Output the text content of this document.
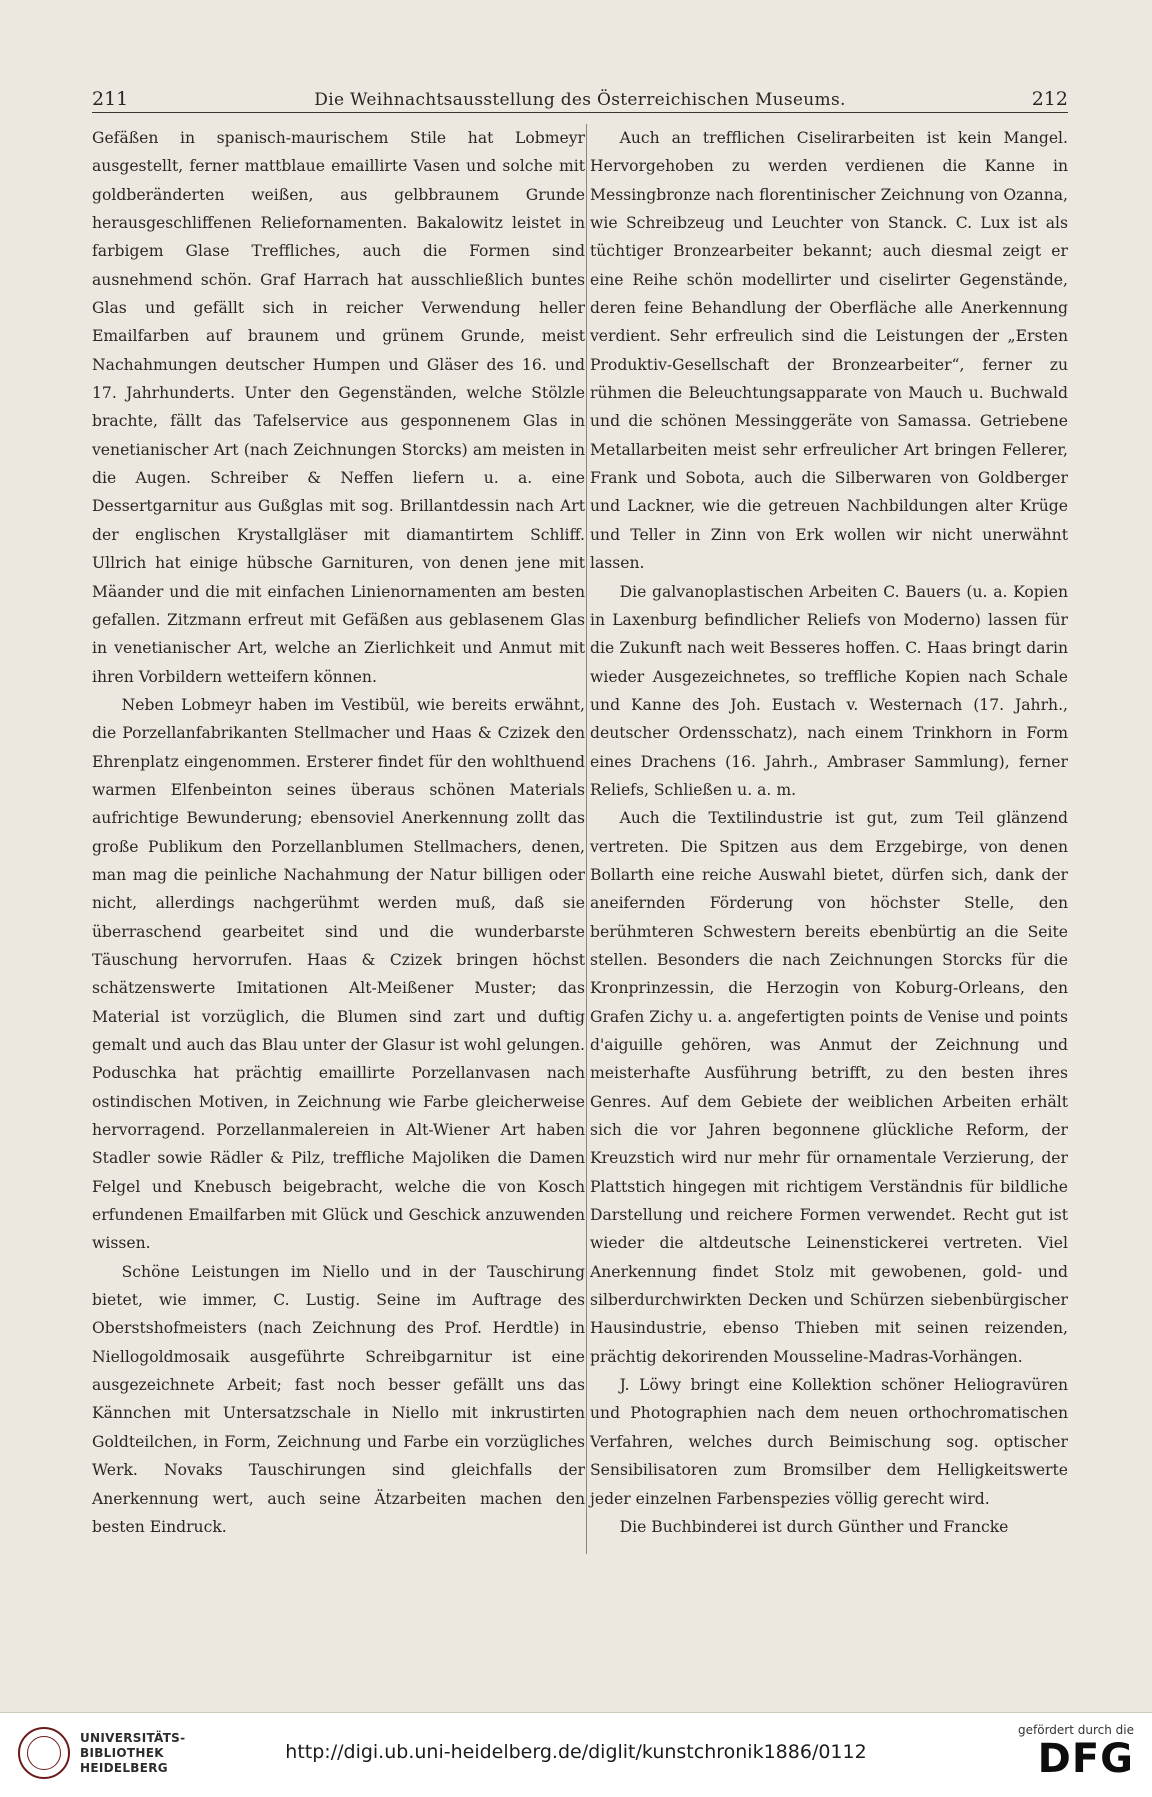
211	Die Weihnachtsausstellung des Österreichischen Museums.	212

Gefäßen in spanisch-maurischem Stile hat Lobmeyr ausgestellt, ferner mattblaue emaillirte Vasen und solche mit goldberänderten weißen, aus gelbbraunem Grunde herausgeschliffenen Reliefornamenten. Bakalowitz leistet in farbigem Glase Treffliches, auch die Formen sind ausnehmend schön. Graf Harrach hat ausschließlich buntes Glas und gefällt sich in reicher Verwendung heller Emailfarben auf braunem und grünem Grunde, meist Nachahmungen deutscher Humpen und Gläser des 16. und 17. Jahrhunderts. Unter den Gegenständen, welche Stölzle brachte, fällt das Tafelservice aus gesponnenem Glas in venetianischer Art (nach Zeichnungen Storcks) am meisten in die Augen. Schreiber & Neffen liefern u. a. eine Dessertgarnitur aus Gußglas mit sog. Brillantdessin nach Art der englischen Krystallgläser mit diamantirtem Schliff. Ullrich hat einige hübsche Garnituren, von denen jene mit Mäander und die mit einfachen Linienornamenten am besten gefallen. Zitzmann erfreut mit Gefäßen aus geblasenem Glas in venetianischer Art, welche an Zierlichkeit und Anmut mit ihren Vorbildern wetteifern können.

Neben Lobmeyr haben im Vestibül, wie bereits erwähnt, die Porzellanfabrikanten Stellmacher und Haas & Czizek den Ehrenplatz eingenommen. Ersterer findet für den wohlthuend warmen Elfenbeinton seines überaus schönen Materials aufrichtige Bewunderung; ebensoviel Anerkennung zollt das große Publikum den Porzellanblumen Stellmachers, denen, man mag die peinliche Nachahmung der Natur billigen oder nicht, allerdings nachgerühmt werden muß, daß sie überraschend gearbeitet sind und die wunderbarste Täuschung hervorrufen. Haas & Czizek bringen höchst schätzenswerte Imitationen Alt-Meißener Muster; das Material ist vorzüglich, die Blumen sind zart und duftig gemalt und auch das Blau unter der Glasur ist wohl gelungen. Poduschka hat prächtig emaillirte Porzellanvasen nach ostindischen Motiven, in Zeichnung wie Farbe gleicherweise hervorragend. Porzellanmalereien in Alt-Wiener Art haben Stadler sowie Rädler & Pilz, treffliche Majoliken die Damen Felgel und Knebusch beigebracht, welche die von Kosch erfundenen Emailfarben mit Glück und Geschick anzuwenden wissen.

Schöne Leistungen im Niello und in der Tauschirung bietet, wie immer, C. Lustig. Seine im Auftrage des Oberstshofmeisters (nach Zeichnung des Prof. Herdtle) in Niellogoldmosaik ausgeführte Schreibgarnitur ist eine ausgezeichnete Arbeit; fast noch besser gefällt uns das Kännchen mit Untersatzschale in Niello mit inkrustirten Goldteilchen, in Form, Zeichnung und Farbe ein vorzügliches Werk. Novaks Tauschirungen sind gleichfalls der Anerkennung wert, auch seine Ätzarbeiten machen den besten Eindruck.

Auch an trefflichen Ciselirarbeiten ist kein Mangel. Hervorgehoben zu werden verdienen die Kanne in Messingbronze nach florentinischer Zeichnung von Ozanna, wie Schreibzeug und Leuchter von Stanck. C. Lux ist als tüchtiger Bronzearbeiter bekannt; auch diesmal zeigt er eine Reihe schön modellirter und ciselirter Gegenstände, deren feine Behandlung der Oberfläche alle Anerkennung verdient. Sehr erfreulich sind die Leistungen der „Ersten Produktiv-Gesellschaft der Bronzearbeiter“, ferner zu rühmen die Beleuchtungsapparate von Mauch u. Buchwald und die schönen Messinggeräte von Samassa. Getriebene Metallarbeiten meist sehr erfreulicher Art bringen Fellerer, Frank und Sobota, auch die Silberwaren von Goldberger und Lackner, wie die getreuen Nachbildungen alter Krüge und Teller in Zinn von Erk wollen wir nicht unerwähnt lassen.

Die galvanoplastischen Arbeiten C. Bauers (u. a. Kopien in Laxenburg befindlicher Reliefs von Moderno) lassen für die Zukunft nach weit Besseres hoffen. C. Haas bringt darin wieder Ausgezeichnetes, so treffliche Kopien nach Schale und Kanne des Joh. Eustach v. Westernach (17. Jahrh., deutscher Ordensschatz), nach einem Trinkhorn in Form eines Drachens (16. Jahrh., Ambraser Sammlung), ferner Reliefs, Schließen u. a. m.

Auch die Textilindustrie ist gut, zum Teil glänzend vertreten. Die Spitzen aus dem Erzgebirge, von denen Bollarth eine reiche Auswahl bietet, dürfen sich, dank der aneifernden Förderung von höchster Stelle, den berühmteren Schwestern bereits ebenbürtig an die Seite stellen. Besonders die nach Zeichnungen Storcks für die Kronprinzessin, die Herzogin von Koburg-Orleans, den Grafen Zichy u. a. angefertigten points de Venise und points d'aiguille gehören, was Anmut der Zeichnung und meisterhafte Ausführung betrifft, zu den besten ihres Genres. Auf dem Gebiete der weiblichen Arbeiten erhält sich die vor Jahren begonnene glückliche Reform, der Kreuzstich wird nur mehr für ornamentale Verzierung, der Plattstich hingegen mit richtigem Verständnis für bildliche Darstellung und reichere Formen verwendet. Recht gut ist wieder die altdeutsche Leinenstickerei vertreten. Viel Anerkennung findet Stolz mit gewobenen, gold- und silberdurchwirkten Decken und Schürzen siebenbürgischer Hausindustrie, ebenso Thieben mit seinen reizenden, prächtig dekorirenden Mousseline-Madras-Vorhängen.

J. Löwy bringt eine Kollektion schöner Heliogravüren und Photographien nach dem neuen orthochromatischen Verfahren, welches durch Beimischung sog. optischer Sensibilisatoren zum Bromsilber dem Helligkeitswerte jeder einzelnen Farbenspezies völlig gerecht wird.

Die Buchbinderei ist durch Günther und Francke

UNIVERSITÄTS-
BIBLIOTHEK
HEIDELBERG
http://digi.ub.uni-heidelberg.de/diglit/kunstchronik1886/0112
gefördert durch die
DFG
